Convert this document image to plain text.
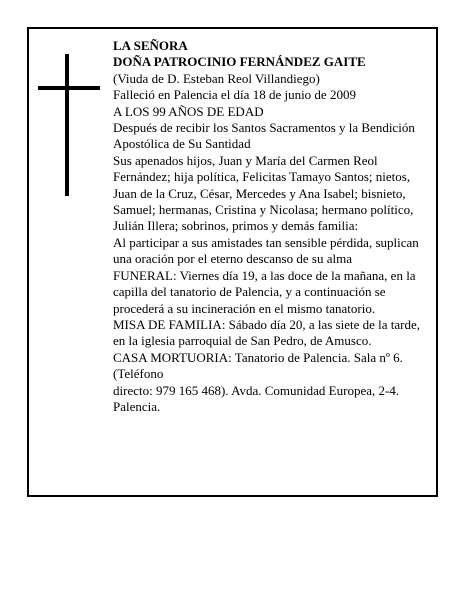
LA SEÑORA

DOÑA PATROCINIO FERNÁNDEZ GAITE

(Viuda de D. Esteban Reol Villandiego)

Falleció en Palencia el día 18 de junio de 2009

A LOS 99 AÑOS DE EDAD

Después de recibir los Santos Sacramentos y la Bendición Apostólica de Su Santidad

Sus apenados hijos, Juan y María del Carmen Reol Fernández; hija política, Felicitas Tamayo Santos; nietos, Juan de la Cruz, César, Mercedes y Ana Isabel; bisnieto, Samuel; hermanas, Cristina y Nicolasa; hermano político, Julián Illera; sobrinos, primos y demás familia:

Al participar a sus amistades tan sensible pérdida, suplican una oración por el eterno descanso de su alma

FUNERAL: Viernes día 19, a las doce de la mañana, en la capilla del tanatorio de Palencia, y a continuación se procederá a su incineración en el mismo tanatorio.

MISA DE FAMILIA: Sábado día 20, a las siete de la tarde, en la iglesia parroquial de San Pedro, de Amusco.

CASA MORTUORIA: Tanatorio de Palencia. Sala nº 6. (Teléfono

directo: 979 165 468). Avda. Comunidad Europea, 2-4. Palencia.
